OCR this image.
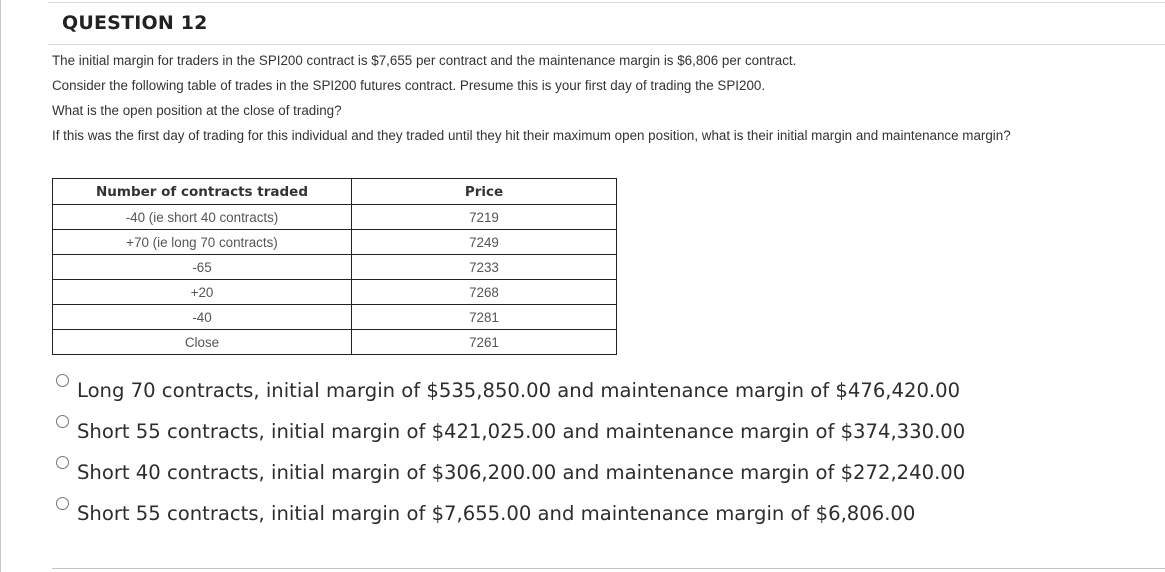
QUESTION 12
The initial margin for traders in the SPI200 contract is $7,655 per contract and the maintenance margin is $6,806 per contract.
Consider the following table of trades in the SPI200 futures contract. Presume this is your first day of trading the SPI200.
What is the open position at the close of trading?
If this was the first day of trading for this individual and they traded until they hit their maximum open position, what is their initial margin and maintenance margin?
Number of contracts traded	Price
-40 (ie short 40 contracts)	7219
+70 (ie long 70 contracts)	7249
-65	7233
+20	7268
-40	7281
Close	7261
Long 70 contracts, initial margin of $535,850.00 and maintenance margin of $476,420.00
Short 55 contracts, initial margin of $421,025.00 and maintenance margin of $374,330.00
Short 40 contracts, initial margin of $306,200.00 and maintenance margin of $272,240.00
Short 55 contracts, initial margin of $7,655.00 and maintenance margin of $6,806.00
